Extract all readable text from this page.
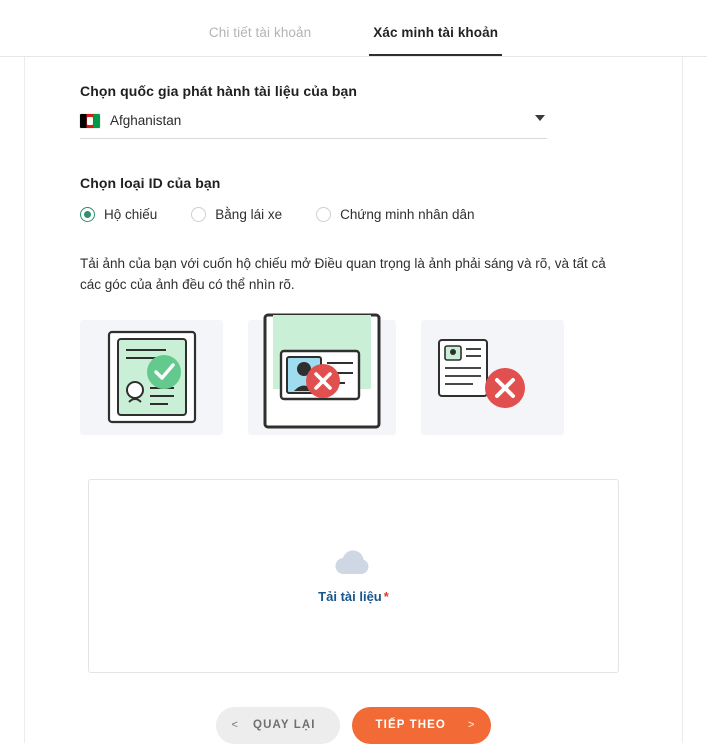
Chi tiết tài khoản	Xác minh tài khoản
Chọn quốc gia phát hành tài liệu của bạn
Afghanistan
Chọn loại ID của bạn
Hộ chiếu	Bằng lái xe	Chứng minh nhân dân

Tải ảnh của bạn với cuốn hộ chiếu mở Điều quan trọng là ảnh phải sáng và rõ, và tất cả các góc của ảnh đều có thể nhìn rõ.

Tải tài liệu *
< QUAY LẠI	TIẾP THEO >
